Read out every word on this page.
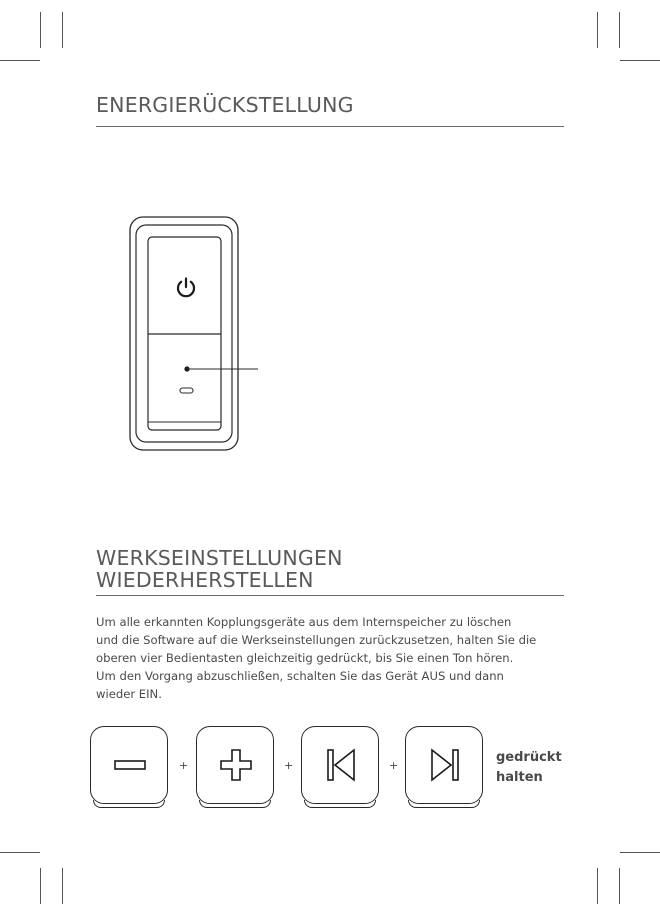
ENERGIERÜCKSTELLUNG
WERKSEINSTELLUNGEN
WIEDERHERSTELLEN
Um alle erkannten Kopplungsgeräte aus dem Internspeicher zu löschen
und die Software auf die Werkseinstellungen zurückzusetzen, halten Sie die
oberen vier Bedientasten gleichzeitig gedrückt, bis Sie einen Ton hören.
Um den Vorgang abzuschließen, schalten Sie das Gerät AUS und dann
wieder EIN.
+	+	+
gedrückt
halten
